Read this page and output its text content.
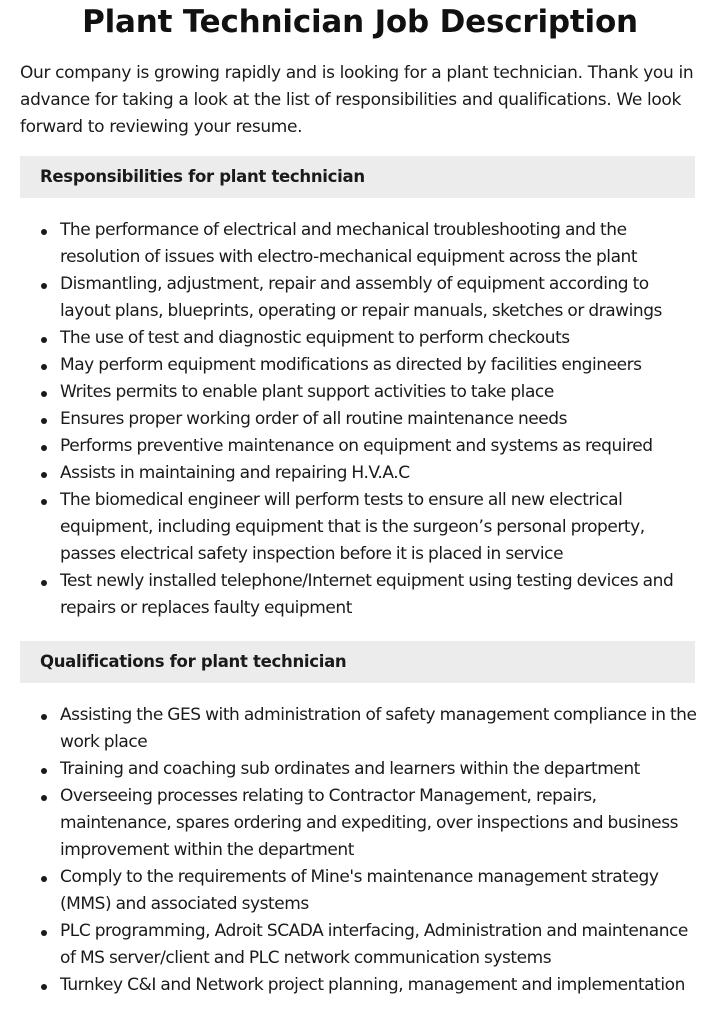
Plant Technician Job Description

Our company is growing rapidly and is looking for a plant technician. Thank you in advance for taking a look at the list of responsibilities and qualifications. We look forward to reviewing your resume.

Responsibilities for plant technician
The performance of electrical and mechanical troubleshooting and the resolution of issues with electro-mechanical equipment across the plant
Dismantling, adjustment, repair and assembly of equipment according to layout plans, blueprints, operating or repair manuals, sketches or drawings
The use of test and diagnostic equipment to perform checkouts
May perform equipment modifications as directed by facilities engineers
Writes permits to enable plant support activities to take place
Ensures proper working order of all routine maintenance needs
Performs preventive maintenance on equipment and systems as required
Assists in maintaining and repairing H.V.A.C
The biomedical engineer will perform tests to ensure all new electrical equipment, including equipment that is the surgeon’s personal property, passes electrical safety inspection before it is placed in service
Test newly installed telephone/Internet equipment using testing devices and repairs or replaces faulty equipment
Qualifications for plant technician
Assisting the GES with administration of safety management compliance in the work place
Training and coaching sub ordinates and learners within the department
Overseeing processes relating to Contractor Management, repairs, maintenance, spares ordering and expediting, over inspections and business improvement within the department
Comply to the requirements of Mine's maintenance management strategy (MMS) and associated systems
PLC programming, Adroit SCADA interfacing, Administration and maintenance of MS server/client and PLC network communication systems
Turnkey C&I and Network project planning, management and implementation
